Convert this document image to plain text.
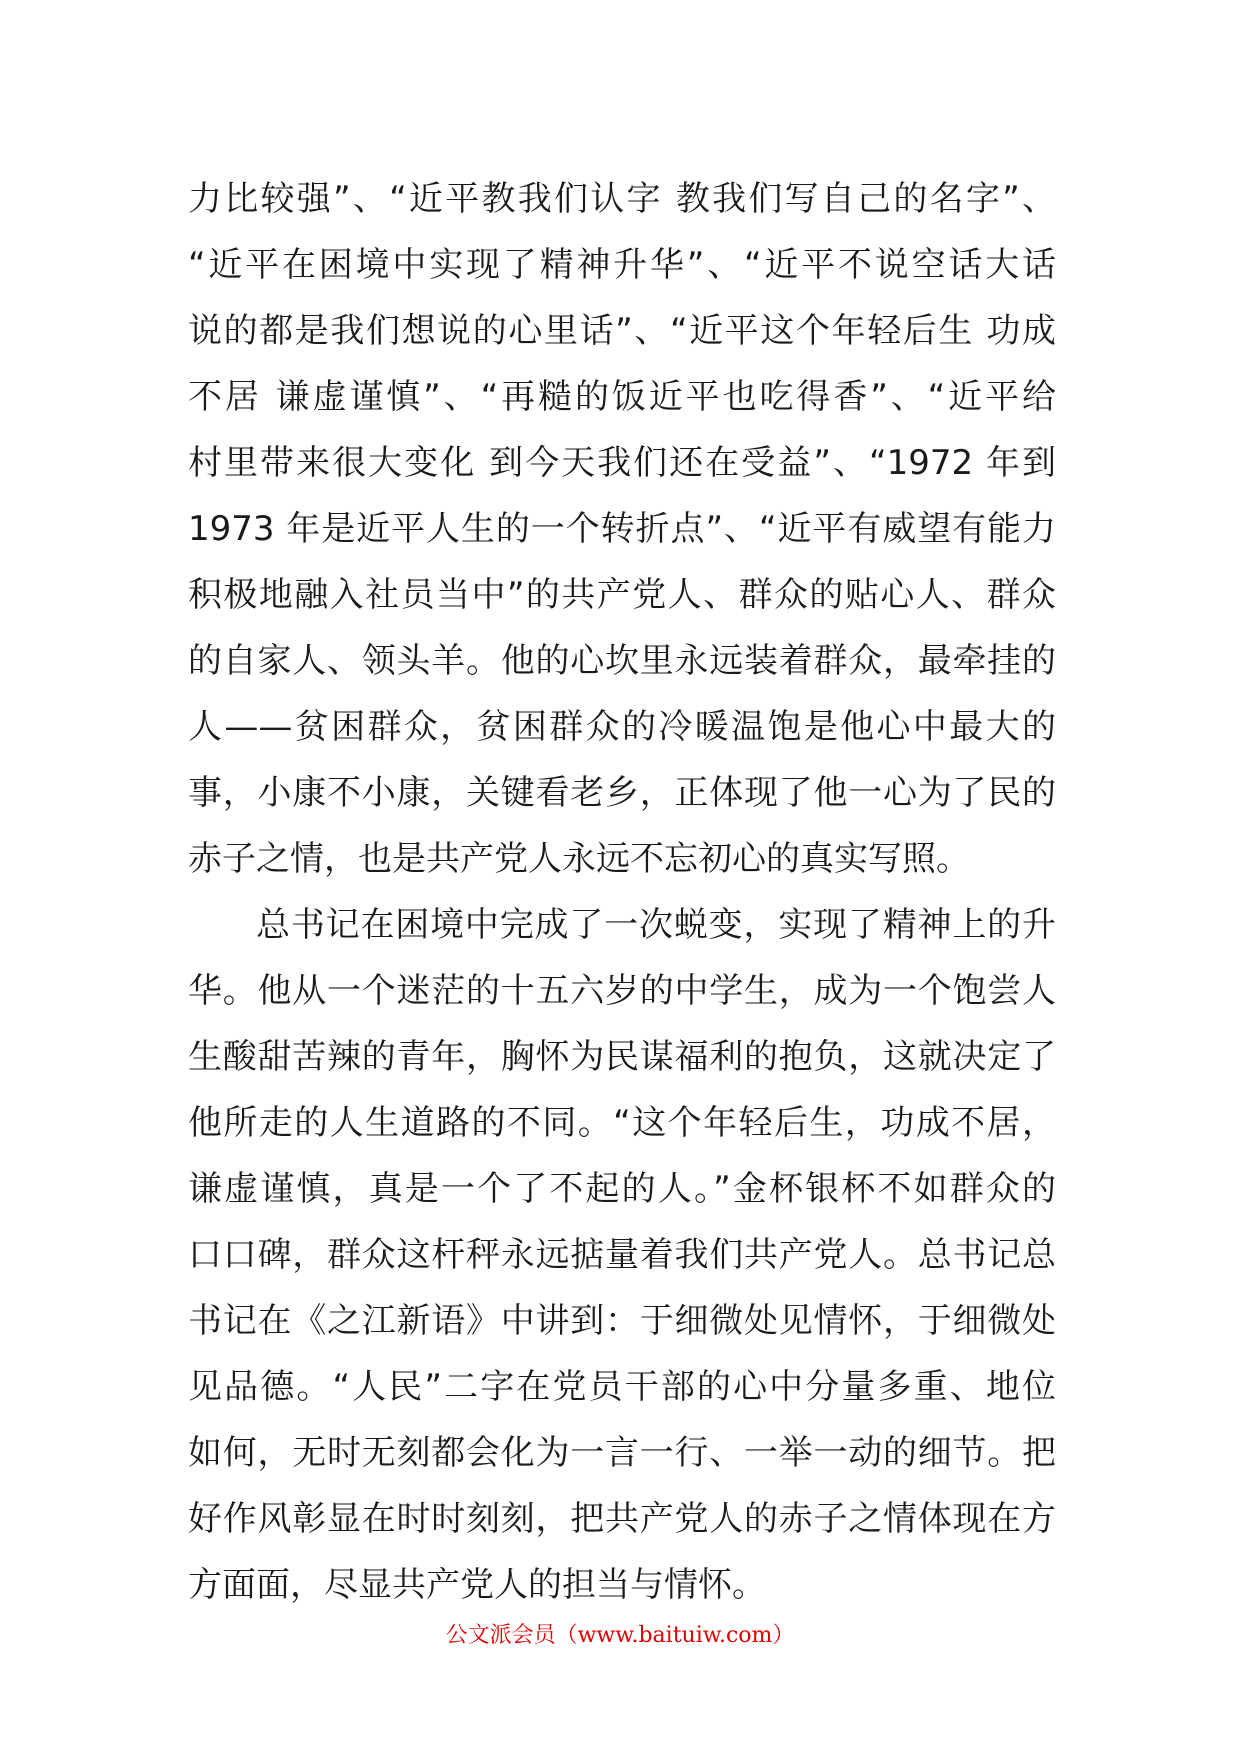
力比较强”、“近平教我们认字 教我们写自己的名字”、
“近平在困境中实现了精神升华”、“近平不说空话大话
说的都是我们想说的心里话”、“近平这个年轻后生 功成
不居 谦虚谨慎”、“再糙的饭近平也吃得香”、“近平给
村里带来很大变化 到今天我们还在受益”、“1972 年到
1973 年是近平人生的一个转折点”、“近平有威望有能力
积极地融入社员当中”的共产党人、群众的贴心人、群众
的自家人、领头羊。他的心坎里永远装着群众，最牵挂的
人——贫困群众，贫困群众的冷暖温饱是他心中最大的
事，小康不小康，关键看老乡，正体现了他一心为了民的
赤子之情，也是共产党人永远不忘初心的真实写照。
总书记在困境中完成了一次蜕变，实现了精神上的升
华。他从一个迷茫的十五六岁的中学生，成为一个饱尝人
生酸甜苦辣的青年，胸怀为民谋福利的抱负，这就决定了
他所走的人生道路的不同。“这个年轻后生，功成不居，
谦虚谨慎，真是一个了不起的人。”金杯银杯不如群众的
口口碑，群众这杆秤永远掂量着我们共产党人。总书记总
书记在《之江新语》中讲到：于细微处见情怀，于细微处
见品德。“人民”二字在党员干部的心中分量多重、地位
如何，无时无刻都会化为一言一行、一举一动的细节。把
好作风彰显在时时刻刻，把共产党人的赤子之情体现在方
方面面，尽显共产党人的担当与情怀。
公文派会员（www.baituiw.com）
